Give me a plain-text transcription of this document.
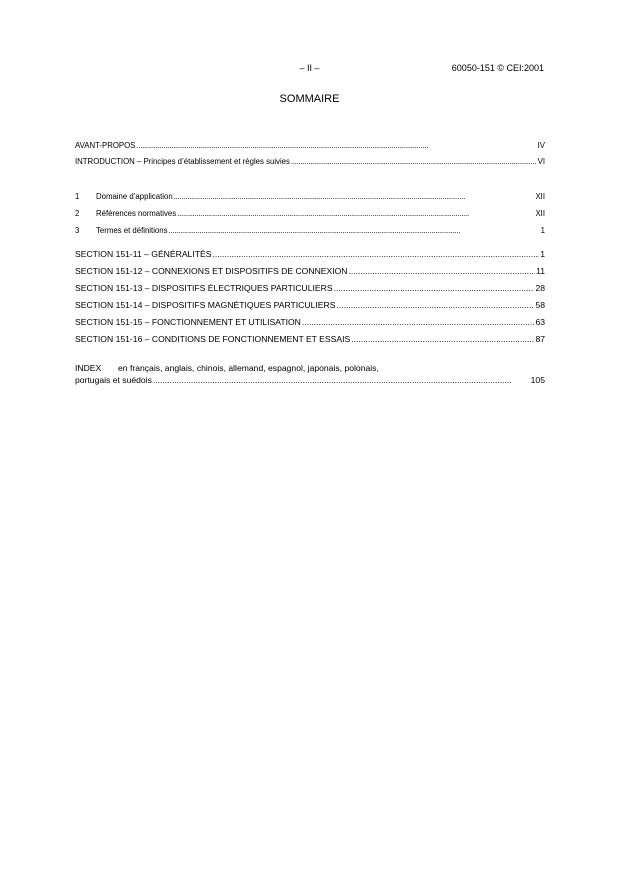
– II –	60050-151 © CEI:2001
SOMMAIRE
AVANT-PROPOS . . .	IV
INTRODUCTION – Principes d’établissement et règles suivies . . .	VI
1	Domaine d’application . . .	XII
2	Références normatives . . .	XII
3	Termes et définitions . . .	1
SECTION 151-11 – GÉNÉRALITÉS . . .	1
SECTION 151-12 – CONNEXIONS ET DISPOSITIFS DE CONNEXION . . .	11
SECTION 151-13 – DISPOSITIFS ÉLECTRIQUES PARTICULIERS . . .	28
SECTION 151-14 – DISPOSITIFS MAGNÉTIQUES PARTICULIERS . . .	58
SECTION 151-15 – FONCTIONNEMENT ET UTILISATION . . .	63
SECTION 151-16 – CONDITIONS DE FONCTIONNEMENT ET ESSAIS . . .	87
INDEX en français, anglais, chinois, allemand, espagnol, japonais, polonais,
portugais et suédois . . .	105
